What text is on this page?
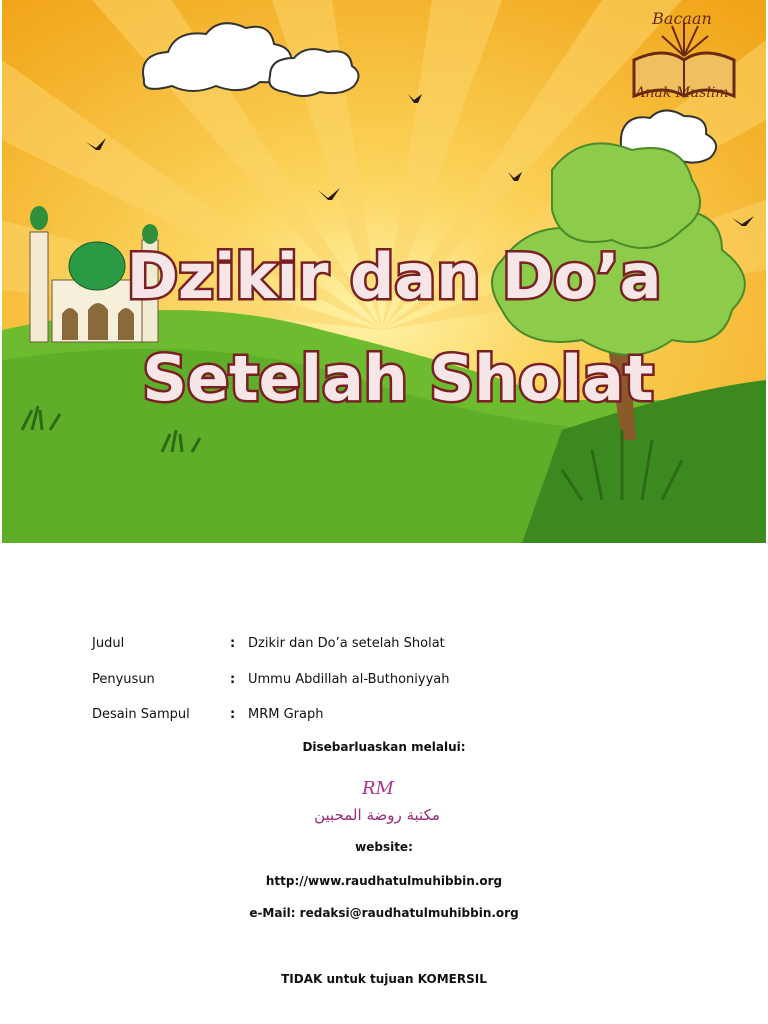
Dzikir dan Do’a
Setelah Sholat
Bacaan
Anak Muslim
Judul	: Dzikir dan Do’a setelah Sholat
Penyusun	: Ummu Abdillah al-Buthoniyyah
Desain Sampul	: MRM Graph
Disebarluaskan melalui:
RM
مكتبة روضة المحبين
website:
http://www.raudhatulmuhibbin.org
e-Mail: redaksi@raudhatulmuhibbin.org
TIDAK untuk tujuan KOMERSIL
